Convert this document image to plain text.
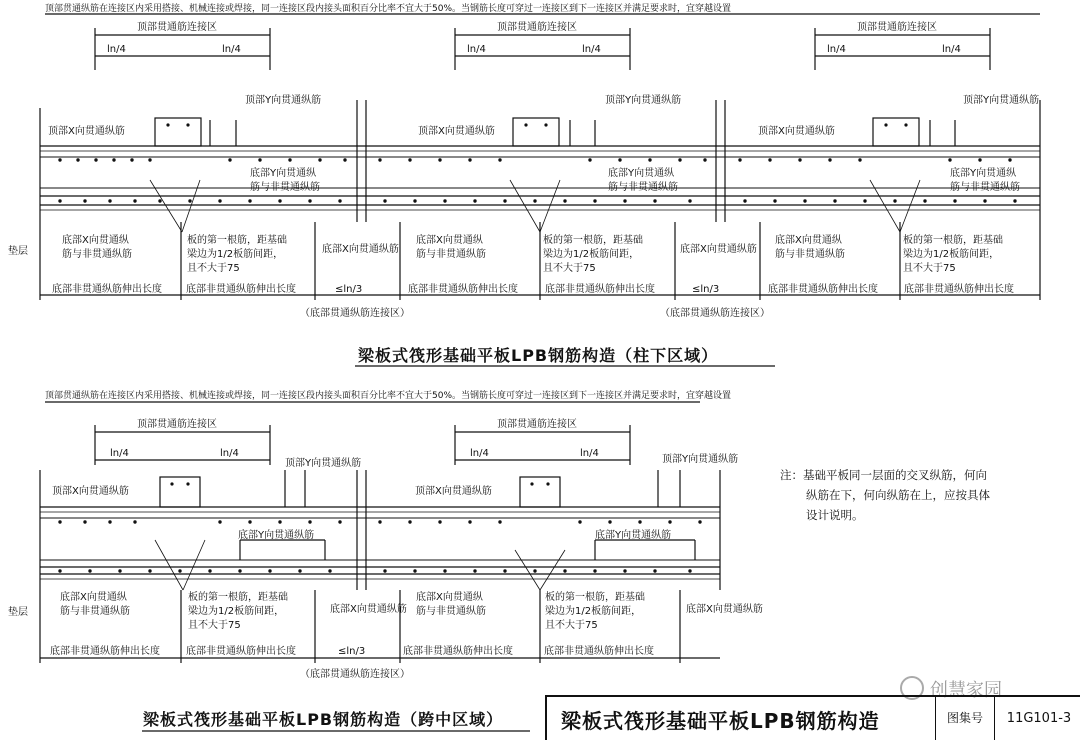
顶部贯通纵筋在连接区内采用搭接、机械连接或焊接，同一连接区段内接头面积百分比率不宜大于50%。当钢筋长度可穿过一连接区到下一连接区并满足要求时，宜穿越设置
顶部贯通筋连接区	顶部贯通筋连接区	顶部贯通筋连接区
ln/4	ln/4	ln/4	ln/4	ln/4	ln/4
顶部Y向贯通纵筋	顶部Y向贯通纵筋	顶部Y向贯通纵筋
顶部X向贯通纵筋	顶部X向贯通纵筋	顶部X向贯通纵筋
底部Y向贯通纵
筋与非贯通纵筋
底部Y向贯通纵
筋与非贯通纵筋
底部Y向贯通纵
筋与非贯通纵筋
垫层
底部X向贯通纵
筋与非贯通纵筋
底部X向贯通纵
筋与非贯通纵筋
底部X向贯通纵
筋与非贯通纵筋
板的第一根筋，距基础
梁边为1/2板筋间距，
且不大于75
板的第一根筋，距基础
梁边为1/2板筋间距，
且不大于75
板的第一根筋，距基础
梁边为1/2板筋间距，
且不大于75
底部X向贯通纵筋	底部X向贯通纵筋
底部非贯通纵筋伸出长度 底部非贯通纵筋伸出长度	底部非贯通纵筋伸出长度	底部非贯通纵筋伸出长度	底部非贯通纵筋伸出长度	底部非贯通纵筋伸出长度
≤ln/3	≤ln/3
（底部贯通纵筋连接区）	（底部贯通纵筋连接区）
顶部贯通纵筋在连接区内采用搭接、机械连接或焊接，同一连接区段内接头面积百分比率不宜大于50%。当钢筋长度可穿过一连接区到下一连接区并满足要求时，宜穿越设置
顶部贯通筋连接区	顶部贯通筋连接区
ln/4	ln/4	ln/4	ln/4
顶部Y向贯通纵筋	顶部Y向贯通纵筋
顶部X向贯通纵筋	顶部X向贯通纵筋
底部Y向贯通纵筋	底部Y向贯通纵筋
垫层
底部X向贯通纵
筋与非贯通纵筋
底部X向贯通纵
筋与非贯通纵筋
板的第一根筋，距基础
梁边为1/2板筋间距，
且不大于75
板的第一根筋，距基础
梁边为1/2板筋间距，
且不大于75
底部X向贯通纵筋	底部X向贯通纵筋
底部非贯通纵筋伸出长度	底部非贯通纵筋伸出长度	底部非贯通纵筋伸出长度	底部非贯通纵筋伸出长度
≤ln/3
（底部贯通纵筋连接区）
梁板式筏形基础平板LPB钢筋构造（柱下区域）
梁板式筏形基础平板LPB钢筋构造（跨中区域）
注：基础平板同一层面的交叉纵筋，何向
纵筋在下，何向纵筋在上，应按具体
设计说明。
创慧家园
梁板式筏形基础平板LPB钢筋构造	图集号	11G101-3
